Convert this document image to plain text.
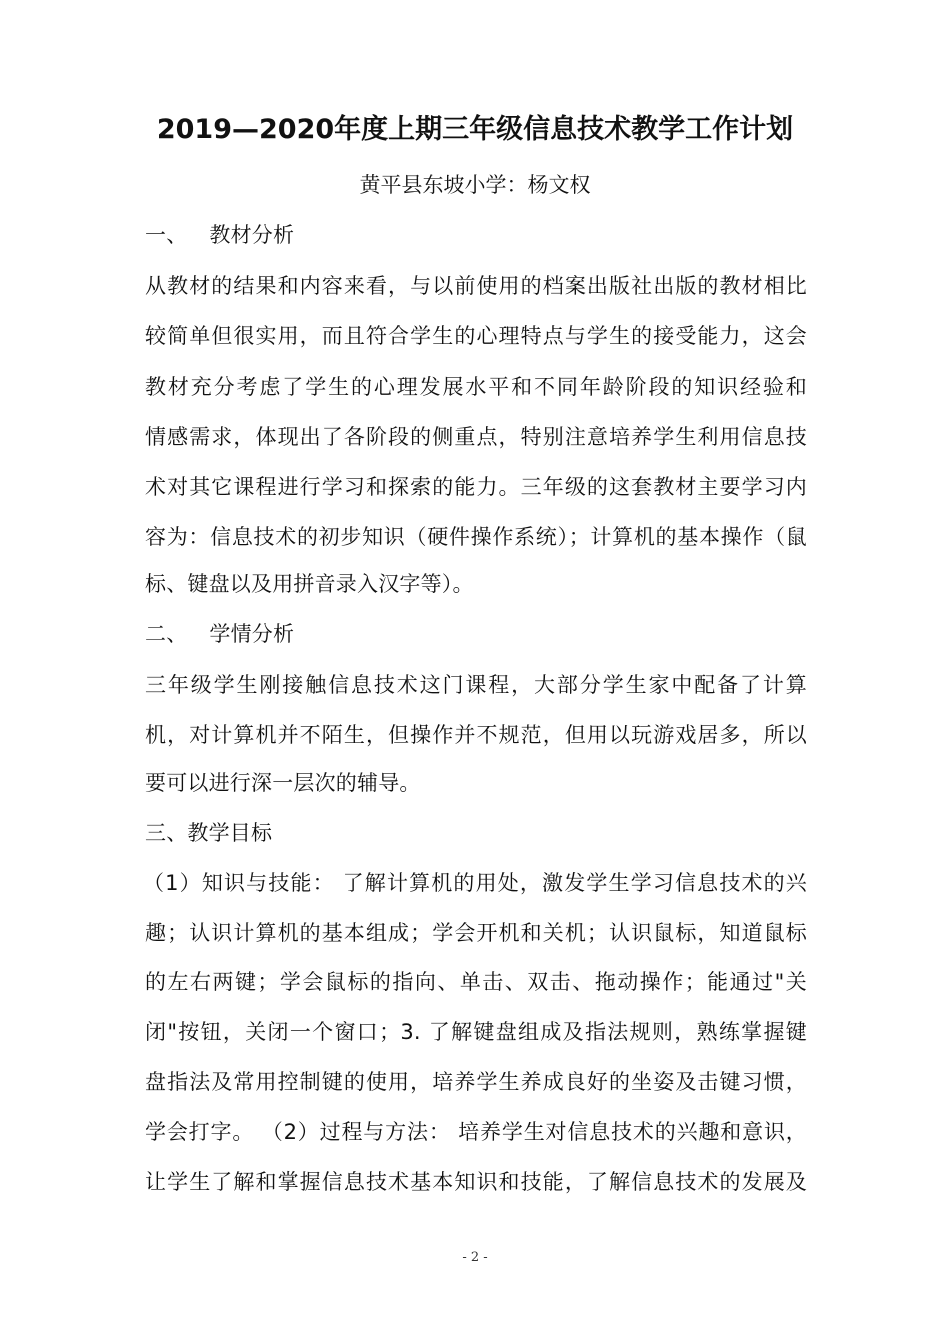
2019—2020年度上期三年级信息技术教学工作计划
黄平县东坡小学：杨文权
一、 教材分析
从教材的结果和内容来看，与以前使用的档案出版社出版的教材相比
较简单但很实用，而且符合学生的心理特点与学生的接受能力，这会
教材充分考虑了学生的心理发展水平和不同年龄阶段的知识经验和
情感需求，体现出了各阶段的侧重点，特别注意培养学生利用信息技
术对其它课程进行学习和探索的能力。三年级的这套教材主要学习内
容为：信息技术的初步知识（硬件操作系统）；计算机的基本操作（鼠
标、键盘以及用拼音录入汉字等）。
二、 学情分析
三年级学生刚接触信息技术这门课程，大部分学生家中配备了计算
机，对计算机并不陌生，但操作并不规范，但用以玩游戏居多，所以
要可以进行深一层次的辅导。
三、教学目标
（1）知识与技能： 了解计算机的用处，激发学生学习信息技术的兴
趣；认识计算机的基本组成；学会开机和关机；认识鼠标，知道鼠标
的左右两键；学会鼠标的指向、单击、双击、拖动操作；能通过"关
闭"按钮，关闭一个窗口；3. 了解键盘组成及指法规则，熟练掌握键
盘指法及常用控制键的使用，培养学生养成良好的坐姿及击键习惯，
学会打字。 （2）过程与方法： 培养学生对信息技术的兴趣和意识，
让学生了解和掌握信息技术基本知识和技能，了解信息技术的发展及
- 2 -
